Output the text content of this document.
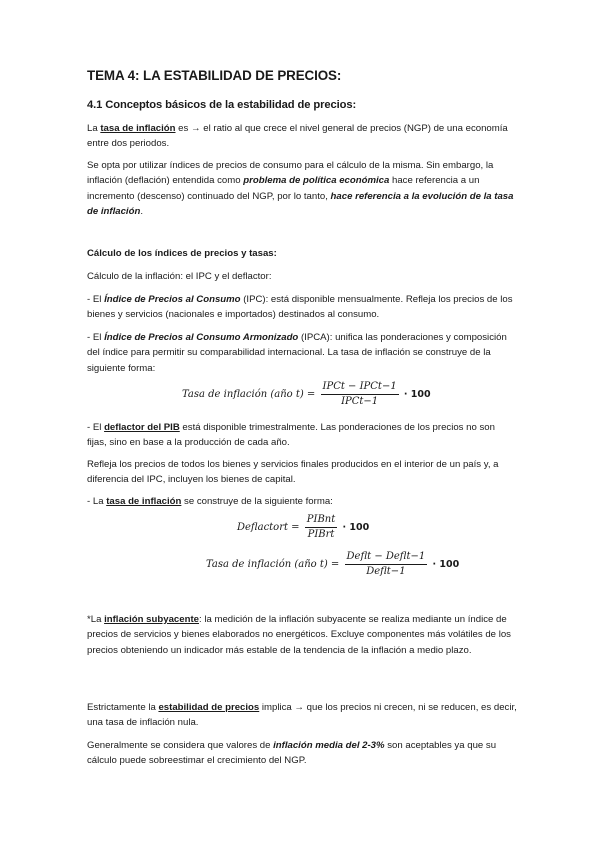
TEMA 4: LA ESTABILIDAD DE PRECIOS:
4.1 Conceptos básicos de la estabilidad de precios:
La tasa de inflación es → el ratio al que crece el nivel general de precios (NGP) de una economía entre dos periodos.
Se opta por utilizar índices de precios de consumo para el cálculo de la misma. Sin embargo, la inflación (deflación) entendida como problema de política económica hace referencia a un incremento (descenso) continuado del NGP, por lo tanto, hace referencia a la evolución de la tasa de inflación.
Cálculo de los índices de precios y tasas:
Cálculo de la inflación: el IPC y el deflactor:
- El Índice de Precios al Consumo (IPC): está disponible mensualmente. Refleja los precios de los bienes y servicios (nacionales e importados) destinados al consumo.
- El Índice de Precios al Consumo Armonizado (IPCA): unifica las ponderaciones y composición del índice para permitir su comparabilidad internacional. La tasa de inflación se construye de la siguiente forma:
Tasa de inflación (año $t) = \frac{\text{IPCt − IPCt−1}}{\text{IPCt−1}} \cdot 100$
- El deflactor del PIB está disponible trimestralmente. Las ponderaciones de los precios no son fijas, sino en base a la producción de cada año.
Refleja los precios de todos los bienes y servicios finales producidos en el interior de un país y, a diferencia del IPC, incluyen los bienes de capital.
- La tasa de inflación se construye de la siguiente forma:
Deflactort = $\frac{\text{PIBnt}}{\text{PIBrt}} \cdot 100$
Tasa de inflación (año $t) = \frac{\text{Deflt − Deflt−1}}{\text{Deflt−1}} \cdot 100$
*La inflación subyacente: la medición de la inflación subyacente se realiza mediante un índice de precios de servicios y bienes elaborados no energéticos. Excluye componentes más volátiles de los precios obteniendo un indicador más estable de la tendencia de la inflación a medio plazo.
Estrictamente la estabilidad de precios implica → que los precios ni crecen, ni se reducen, es decir, una tasa de inflación nula.
Generalmente se considera que valores de inflación media del 2-3% son aceptables ya que su cálculo puede sobreestimar el crecimiento del NGP.
